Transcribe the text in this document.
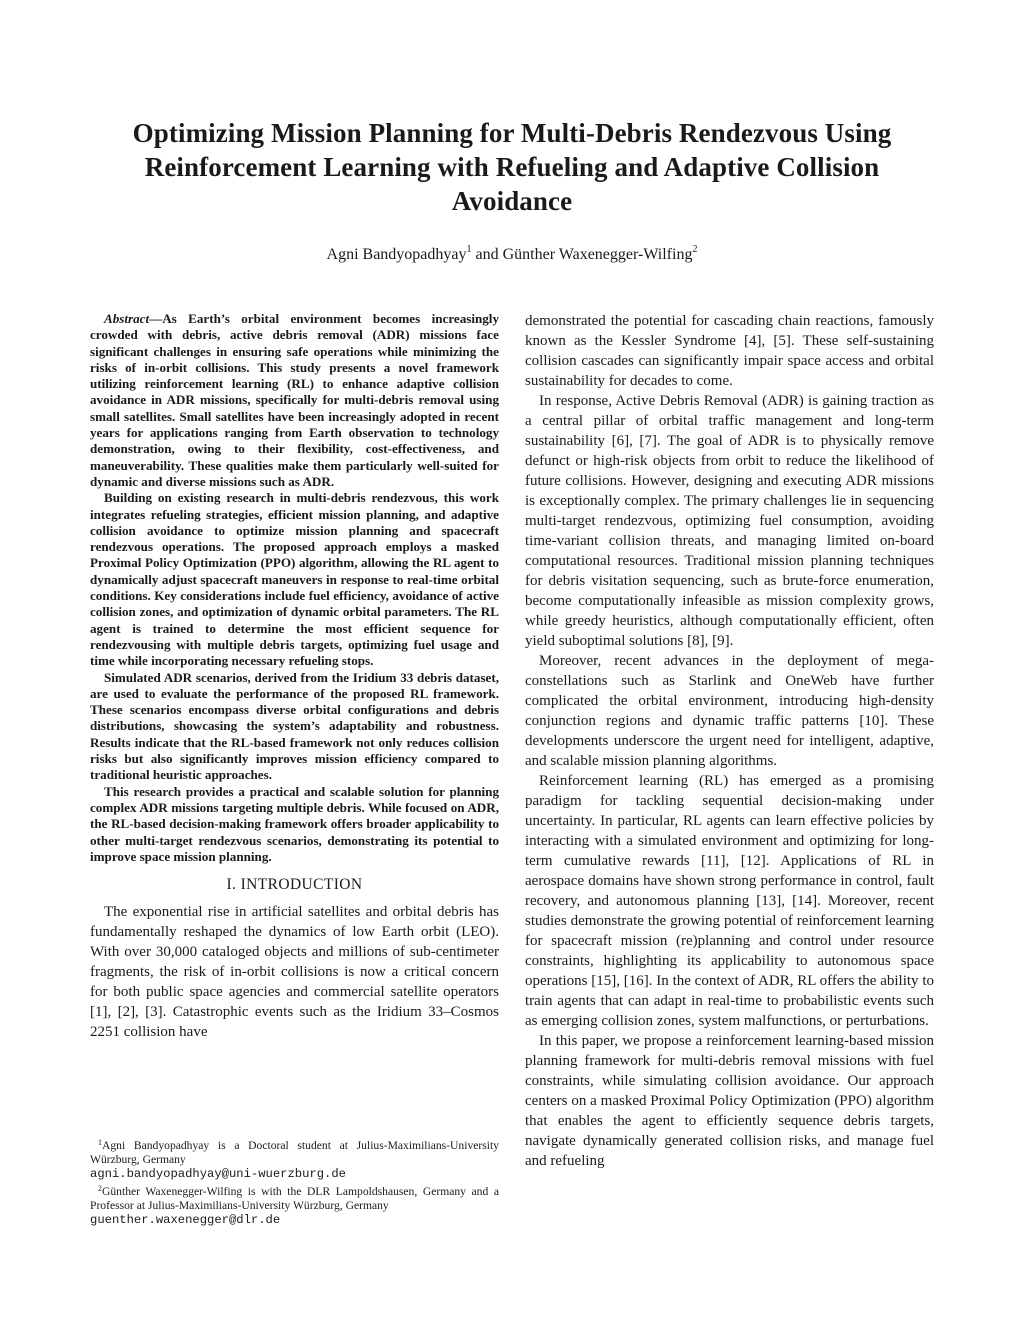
Optimizing Mission Planning for Multi-Debris Rendezvous Using Reinforcement Learning with Refueling and Adaptive Collision Avoidance
Agni Bandyopadhyay$^1$ and Günther Waxenegger-Wilfing$^2$

Abstract—As Earth’s orbital environment becomes increasingly crowded with debris, active debris removal (ADR) missions face significant challenges in ensuring safe operations while minimizing the risks of in-orbit collisions. This study presents a novel framework utilizing reinforcement learning (RL) to enhance adaptive collision avoidance in ADR missions, specifically for multi-debris removal using small satellites. Small satellites have been increasingly adopted in recent years for applications ranging from Earth observation to technology demonstration, owing to their flexibility, cost-effectiveness, and maneuverability. These qualities make them particularly well-suited for dynamic and diverse missions such as ADR.

Building on existing research in multi-debris rendezvous, this work integrates refueling strategies, efficient mission planning, and adaptive collision avoidance to optimize mission planning and spacecraft rendezvous operations. The proposed approach employs a masked Proximal Policy Optimization (PPO) algorithm, allowing the RL agent to dynamically adjust spacecraft maneuvers in response to real-time orbital conditions. Key considerations include fuel efficiency, avoidance of active collision zones, and optimization of dynamic orbital parameters. The RL agent is trained to determine the most efficient sequence for rendezvousing with multiple debris targets, optimizing fuel usage and time while incorporating necessary refueling stops.

Simulated ADR scenarios, derived from the Iridium 33 debris dataset, are used to evaluate the performance of the proposed RL framework. These scenarios encompass diverse orbital configurations and debris distributions, showcasing the system’s adaptability and robustness. Results indicate that the RL-based framework not only reduces collision risks but also significantly improves mission efficiency compared to traditional heuristic approaches.

This research provides a practical and scalable solution for planning complex ADR missions targeting multiple debris. While focused on ADR, the RL-based decision-making framework offers broader applicability to other multi-target rendezvous scenarios, demonstrating its potential to improve space mission planning.

I. INTRODUCTION

The exponential rise in artificial satellites and orbital debris has fundamentally reshaped the dynamics of low Earth orbit (LEO). With over 30,000 cataloged objects and millions of sub-centimeter fragments, the risk of in-orbit collisions is now a critical concern for both public space agencies and commercial satellite operators [1], [2], [3]. Catastrophic events such as the Iridium 33–Cosmos 2251 collision have

demonstrated the potential for cascading chain reactions, famously known as the Kessler Syndrome [4], [5]. These self-sustaining collision cascades can significantly impair space access and orbital sustainability for decades to come.

In response, Active Debris Removal (ADR) is gaining traction as a central pillar of orbital traffic management and long-term sustainability [6], [7]. The goal of ADR is to physically remove defunct or high-risk objects from orbit to reduce the likelihood of future collisions. However, designing and executing ADR missions is exceptionally complex. The primary challenges lie in sequencing multi-target rendezvous, optimizing fuel consumption, avoiding time-variant collision threats, and managing limited on-board computational resources. Traditional mission planning techniques for debris visitation sequencing, such as brute-force enumeration, become computationally infeasible as mission complexity grows, while greedy heuristics, although computationally efficient, often yield suboptimal solutions [8], [9].

Moreover, recent advances in the deployment of mega-constellations such as Starlink and OneWeb have further complicated the orbital environment, introducing high-density conjunction regions and dynamic traffic patterns [10]. These developments underscore the urgent need for intelligent, adaptive, and scalable mission planning algorithms.

Reinforcement learning (RL) has emerged as a promising paradigm for tackling sequential decision-making under uncertainty. In particular, RL agents can learn effective policies by interacting with a simulated environment and optimizing for long-term cumulative rewards [11], [12]. Applications of RL in aerospace domains have shown strong performance in control, fault recovery, and autonomous planning [13], [14]. Moreover, recent studies demonstrate the growing potential of reinforcement learning for spacecraft mission (re)planning and control under resource constraints, highlighting its applicability to autonomous space operations [15], [16]. In the context of ADR, RL offers the ability to train agents that can adapt in real-time to probabilistic events such as emerging collision zones, system malfunctions, or perturbations.

In this paper, we propose a reinforcement learning-based mission planning framework for multi-debris removal missions with fuel constraints, while simulating collision avoidance. Our approach centers on a masked Proximal Policy Optimization (PPO) algorithm that enables the agent to efficiently sequence debris targets, navigate dynamically generated collision risks, and manage fuel and refueling

$^1$Agni Bandyopadhyay is a Doctoral student at Julius-Maximilians-University Würzburg, Germany
agni.bandyopadhyay@uni-wuerzburg.de

$^2$Günther Waxenegger-Wilfing is with the DLR Lampoldshausen, Germany and a Professor at Julius-Maximilians-University Würzburg, Germany
guenther.waxenegger@dlr.de
